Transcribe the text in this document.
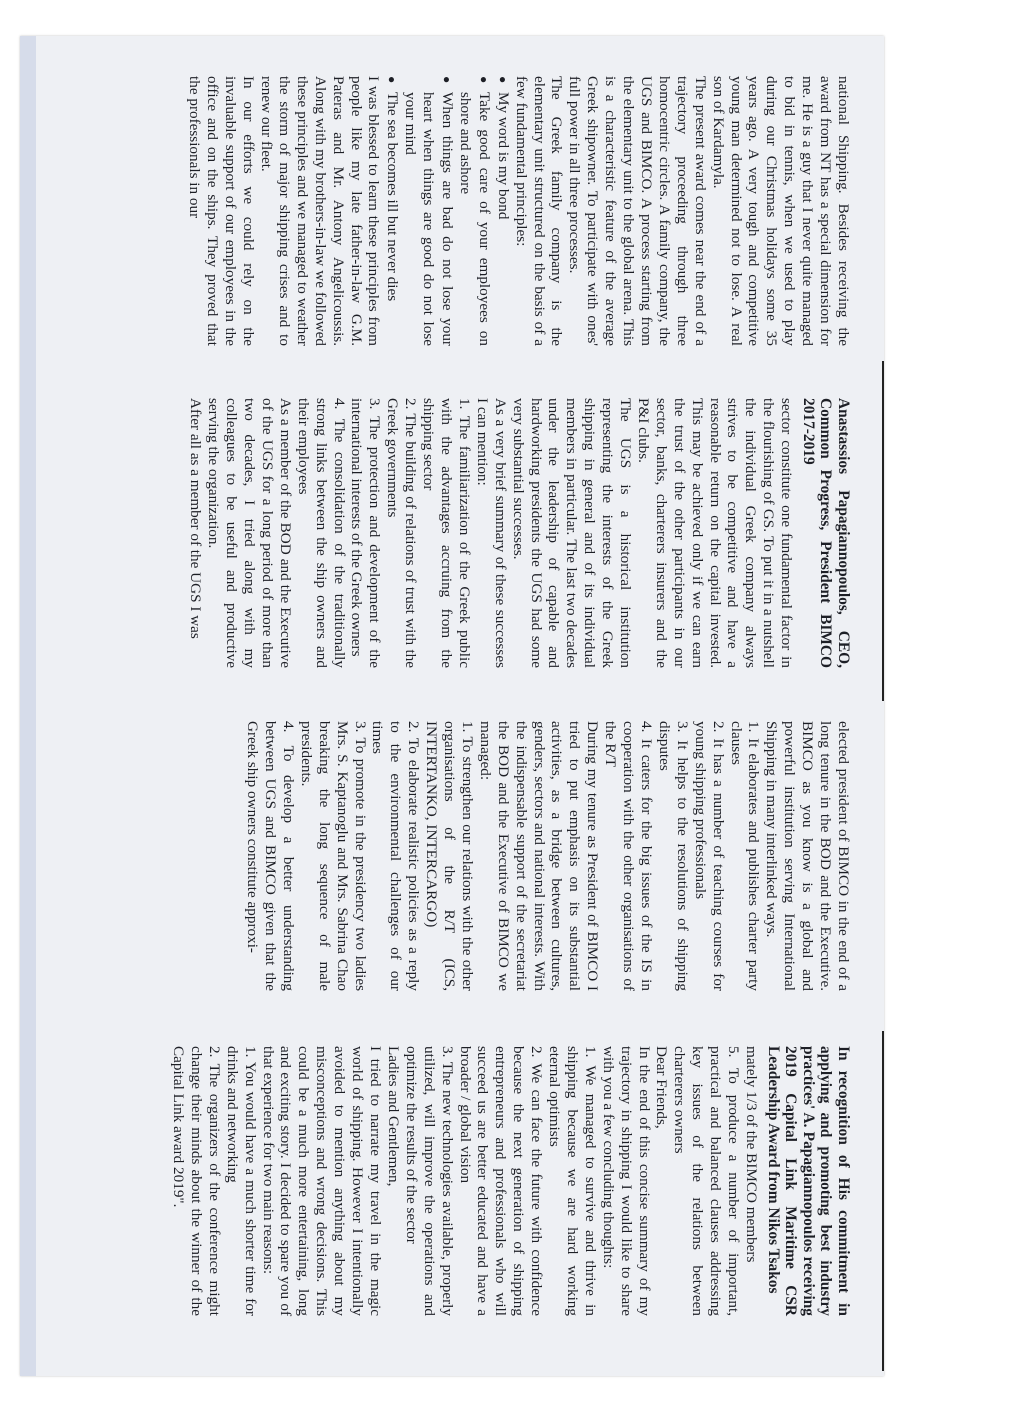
national Shipping. Besides receiving the award from NT has a special dimension for me. He is a guy that I never quite managed to bid in tennis, when we used to play during our Christmas holidays some 35 years ago. A very tough and competitive young man determined not to lose. A real son of Kardamyla.

The present award comes near the end of a trajectory proceeding through three homocentric circles. A family company, the UGS and BIMCO. A process starting from the elementary unit to the global arena. This is a characteristic feature of the average Greek shipowner. To participate with ones' full power in all three processes.

The Greek family company is the elementary unit structured on the basis of a few fundamental principles:

● My word is my bond

● Take good care of your employees on shore and ashore

● When things are bad do not lose your heart when things are good do not lose your mind

● The sea becomes ill but never dies

I was blessed to learn these principles from people like my late father-in-law G.M. Pateras and Mr. Antony Angelicoussis. Along with my brothers-in-law we followed these principles and we managed to weather the storm of major shipping crises and to renew our fleet.

In our efforts we could rely on the invaluable support of our employees in the office and on the ships. They proved that the professionals in our

Anastassios Papagiannopoulos, CEO, Common Progress, President BIMCO 2017-2019

sector constitute one fundamental factor in the flourishing of GS. To put it in a nutshell the individual Greek company always strives to be competitive and have a reasonable return on the capital invested. This may be achieved only if we can earn the trust of the other participants in our sector, banks, charterers insurers and the P&I clubs.

The UGS is a historical institution representing the interests of the Greek shipping in general and of its individual members in particular. The last two decades under the leadership of capable and hardworking presidents the UGS had some very substantial successes.

As a very brief summary of these successes I can mention:

1. The familiarization of the Greek public with the advantages accruing from the shipping sector

2. The building of relations of trust with the Greek governments

3. The protection and development of the international interests of the Greek owners

4. The consolidation of the traditionally strong links between the ship owners and their employees

As a member of the BOD and the Executive of the UGS for a long period of more than two decades, I tried along with my colleagues to be useful and productive serving the organization.

After all as a member of the UGS I was

elected president of BIMCO in the end of a long tenure in the BOD and the Executive. BIMCO as you know is a global and powerful institution serving International Shipping in many interlinked ways.

1. It elaborates and publishes charter party clauses

2. It has a number of teaching courses for young shipping professionals

3. It helps to the resolutions of shipping disputes

4. It caters for the big issues of the IS in cooperation with the other organisations of the R/T

During my tenure as President of BIMCO I tried to put emphasis on its substantial activities, as a bridge between cultures, genders, sectors and national interests. With the indispensable support of the secretariat the BOD and the Executive of BIMCO we managed:

1. To strengthen our relations with the other organisations of the R/T (ICS, INTERTANKO, INTERCARGO)

2. To elaborate realistic policies as a reply to the environmental challenges of our times

3. To promote in the presidency two ladies Mrs. S. Kaptanoglu and Mrs. Sabrina Chao breaking the long sequence of male presidents.

4. To develop a better understanding between UGS and BIMCO given that the Greek ship owners constitute approxi-

In recognition of His commitment in applying and promoting best industry practices' A. Papagiannopoulos receiving 2019 Capital Link Maritime CSR Leadership Award from Nikos Tsakos

mately 1/3 of the BIMCO members

5. To produce a number of important, practical and balanced clauses addressing key issues of the relations between charterers owners

Dear Friends,

In the end of this concise summary of my trajectory in shipping I would like to share with you a few concluding thoughts:

1. We managed to survive and thrive in shipping because we are hard working eternal optimists

2. We can face the future with confidence because the next generation of shipping entrepreneurs and professionals who will succeed us are better educated and have a broader / global vision

3. The new technologies available, properly utilized, will improve the operations and optimize the results of the sector

Ladies and Gentlemen,

I tried to narrate my travel in the magic world of shipping. However I intentionally avoided to mention anything about my misconceptions and wrong decisions. This could be a much more entertaining, long and exciting story. I decided to spare you of that experience for two main reasons:

1. You would have a much shorter time for drinks and networking

2. The organizers of the conference might change their minds about the winner of the Capital Link award 2019".
